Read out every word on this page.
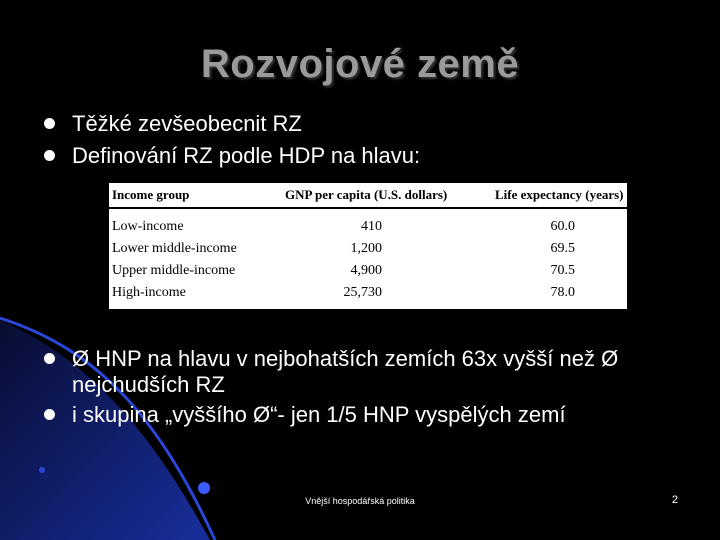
Rozvojové země
Těžké zevšeobecnit RZ
Definování RZ podle HDP na hlavu:
Income group	GNP per capita (U.S. dollars)	Life expectancy (years)
Low-income	410	60.0
Lower middle-income	1,200	69.5
Upper middle-income	4,900	70.5
High-income	25,730	78.0
Ø HNP na hlavu v nejbohatších zemích 63x vyšší než Ø nejchudších RZ
i skupina „vyššího Ø“- jen 1/5 HNP vyspělých zemí
Vnější hospodářská politika	2
